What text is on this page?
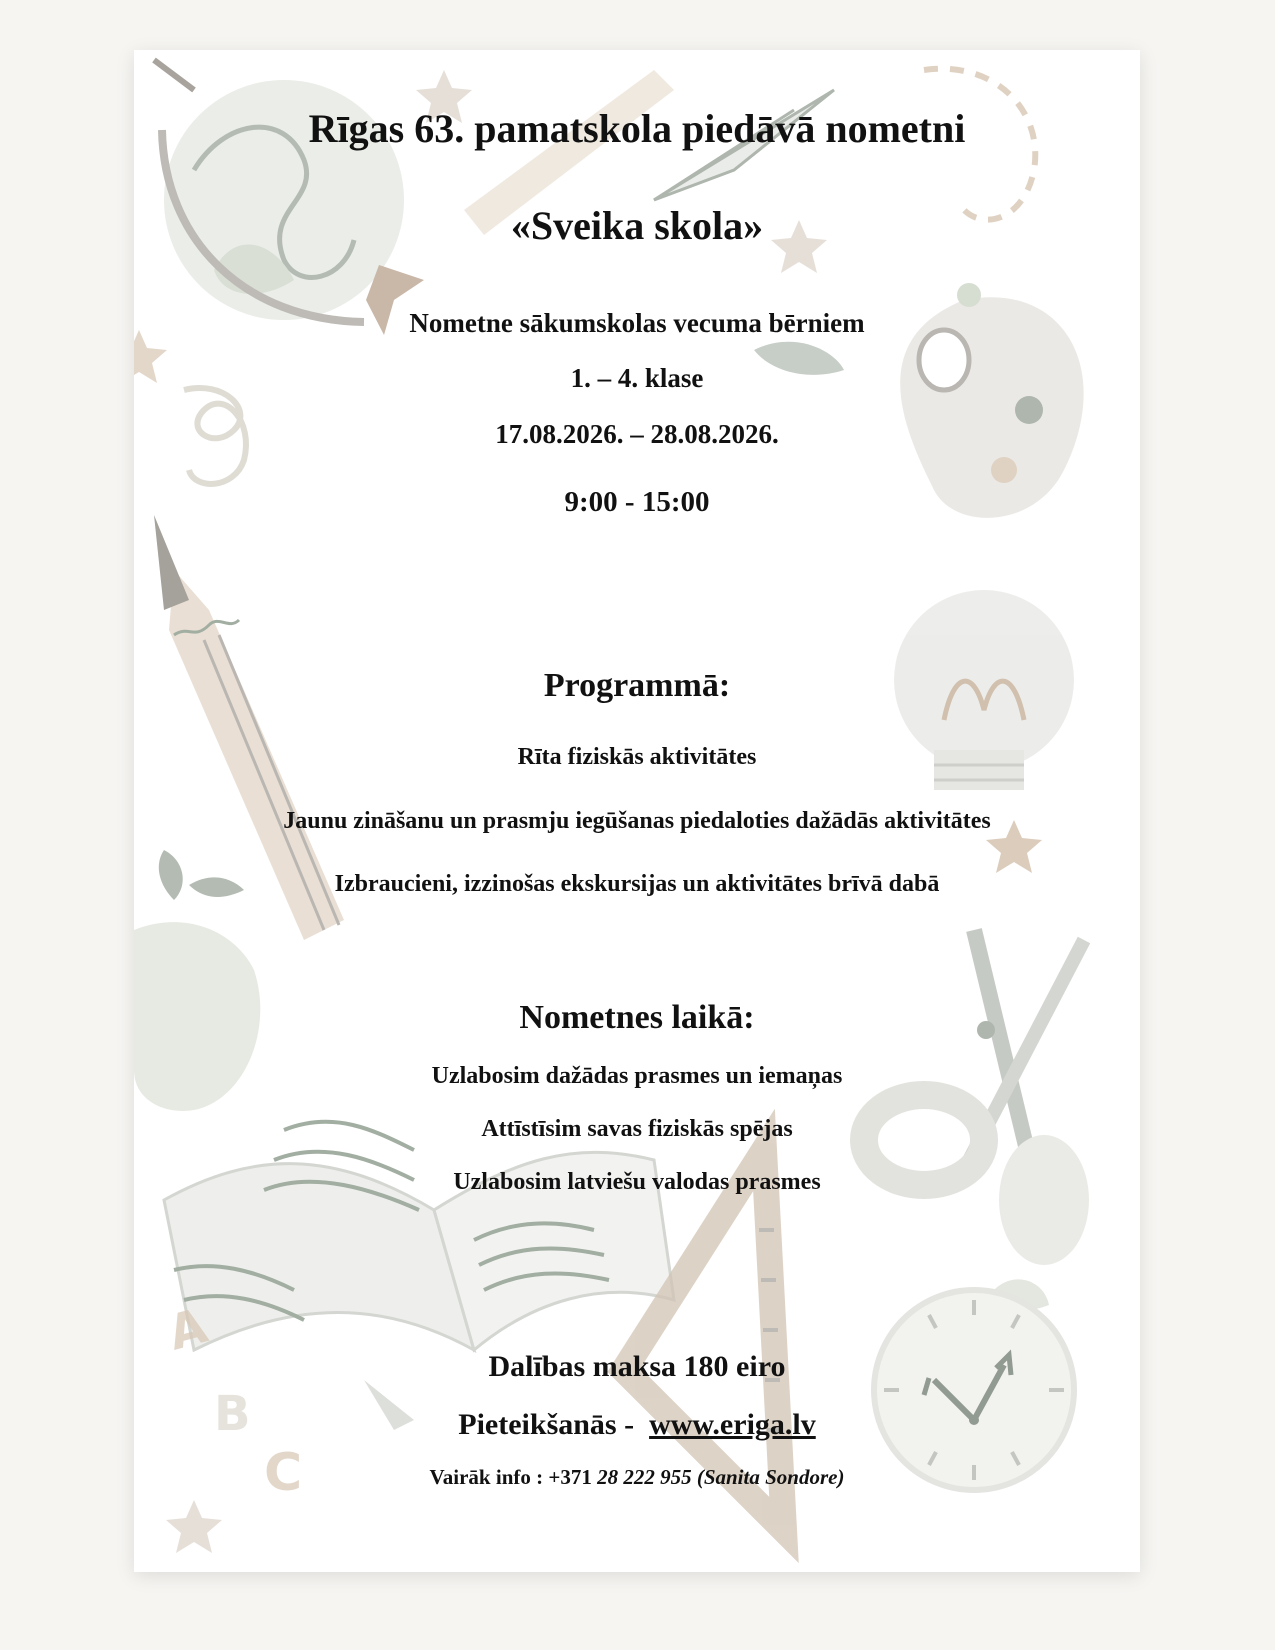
A
B
C
Rīgas 63. pamatskola piedāvā nometni
«Sveika skola»
Nometne sākumskolas vecuma bērniem
1. – 4. klase
17.08.2026. – 28.08.2026.
9:00 - 15:00
Programmā:
Rīta fiziskās aktivitātes
Jaunu zināšanu un prasmju iegūšanas piedaloties dažādās aktivitātes
Izbraucieni, izzinošas ekskursijas un aktivitātes brīvā dabā
Nometnes laikā:
Uzlabosim dažādas prasmes un iemaņas
Attīstīsim savas fiziskās spējas
Uzlabosim latviešu valodas prasmes
Dalības maksa 180 eiro
Pieteikšanās - www.eriga.lv
Vairāk info : +371 28 222 955 (Sanita Sondore)
